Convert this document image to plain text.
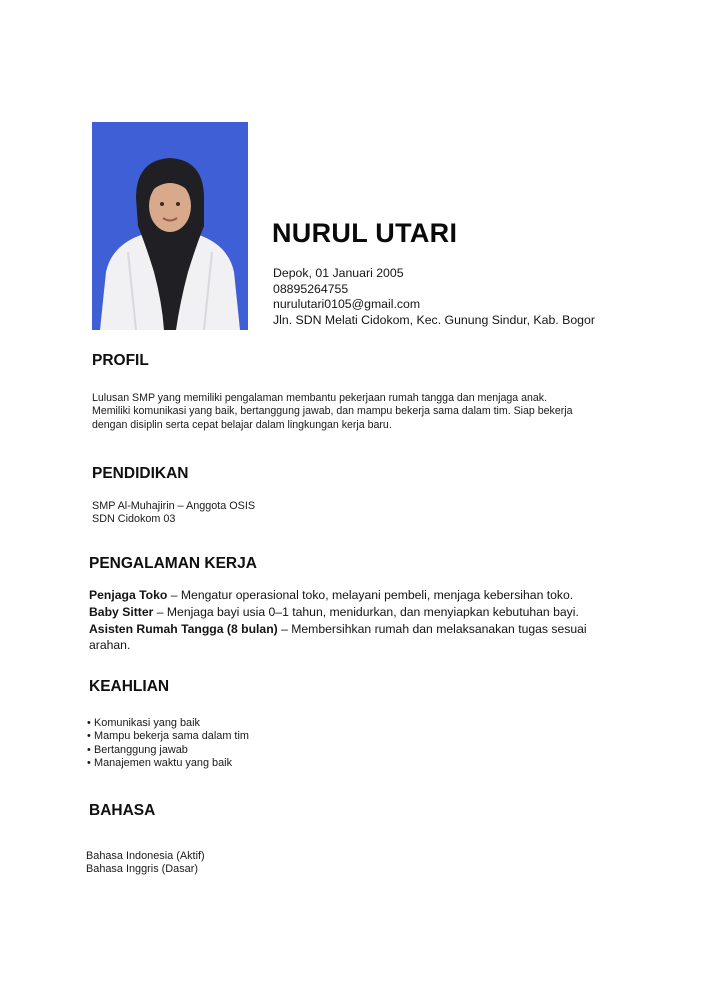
NURUL UTARI
Depok, 01 Januari 2005
08895264755
nurulutari0105@gmail.com
Jln. SDN Melati Cidokom, Kec. Gunung Sindur, Kab. Bogor
PROFIL
Lulusan SMP yang memiliki pengalaman membantu pekerjaan rumah tangga dan menjaga anak. Memiliki komunikasi yang baik, bertanggung jawab, dan mampu bekerja sama dalam tim. Siap bekerja dengan disiplin serta cepat belajar dalam lingkungan kerja baru.
PENDIDIKAN
SMP Al-Muhajirin – Anggota OSIS
SDN Cidokom 03
PENGALAMAN KERJA
Penjaga Toko – Mengatur operasional toko, melayani pembeli, menjaga kebersihan toko.
Baby Sitter – Menjaga bayi usia 0–1 tahun, menidurkan, dan menyiapkan kebutuhan bayi.
Asisten Rumah Tangga (8 bulan) – Membersihkan rumah dan melaksanakan tugas sesuai arahan.
KEAHLIAN
• Komunikasi yang baik
• Mampu bekerja sama dalam tim
• Bertanggung jawab
• Manajemen waktu yang baik
BAHASA
Bahasa Indonesia (Aktif)
Bahasa Inggris (Dasar)
